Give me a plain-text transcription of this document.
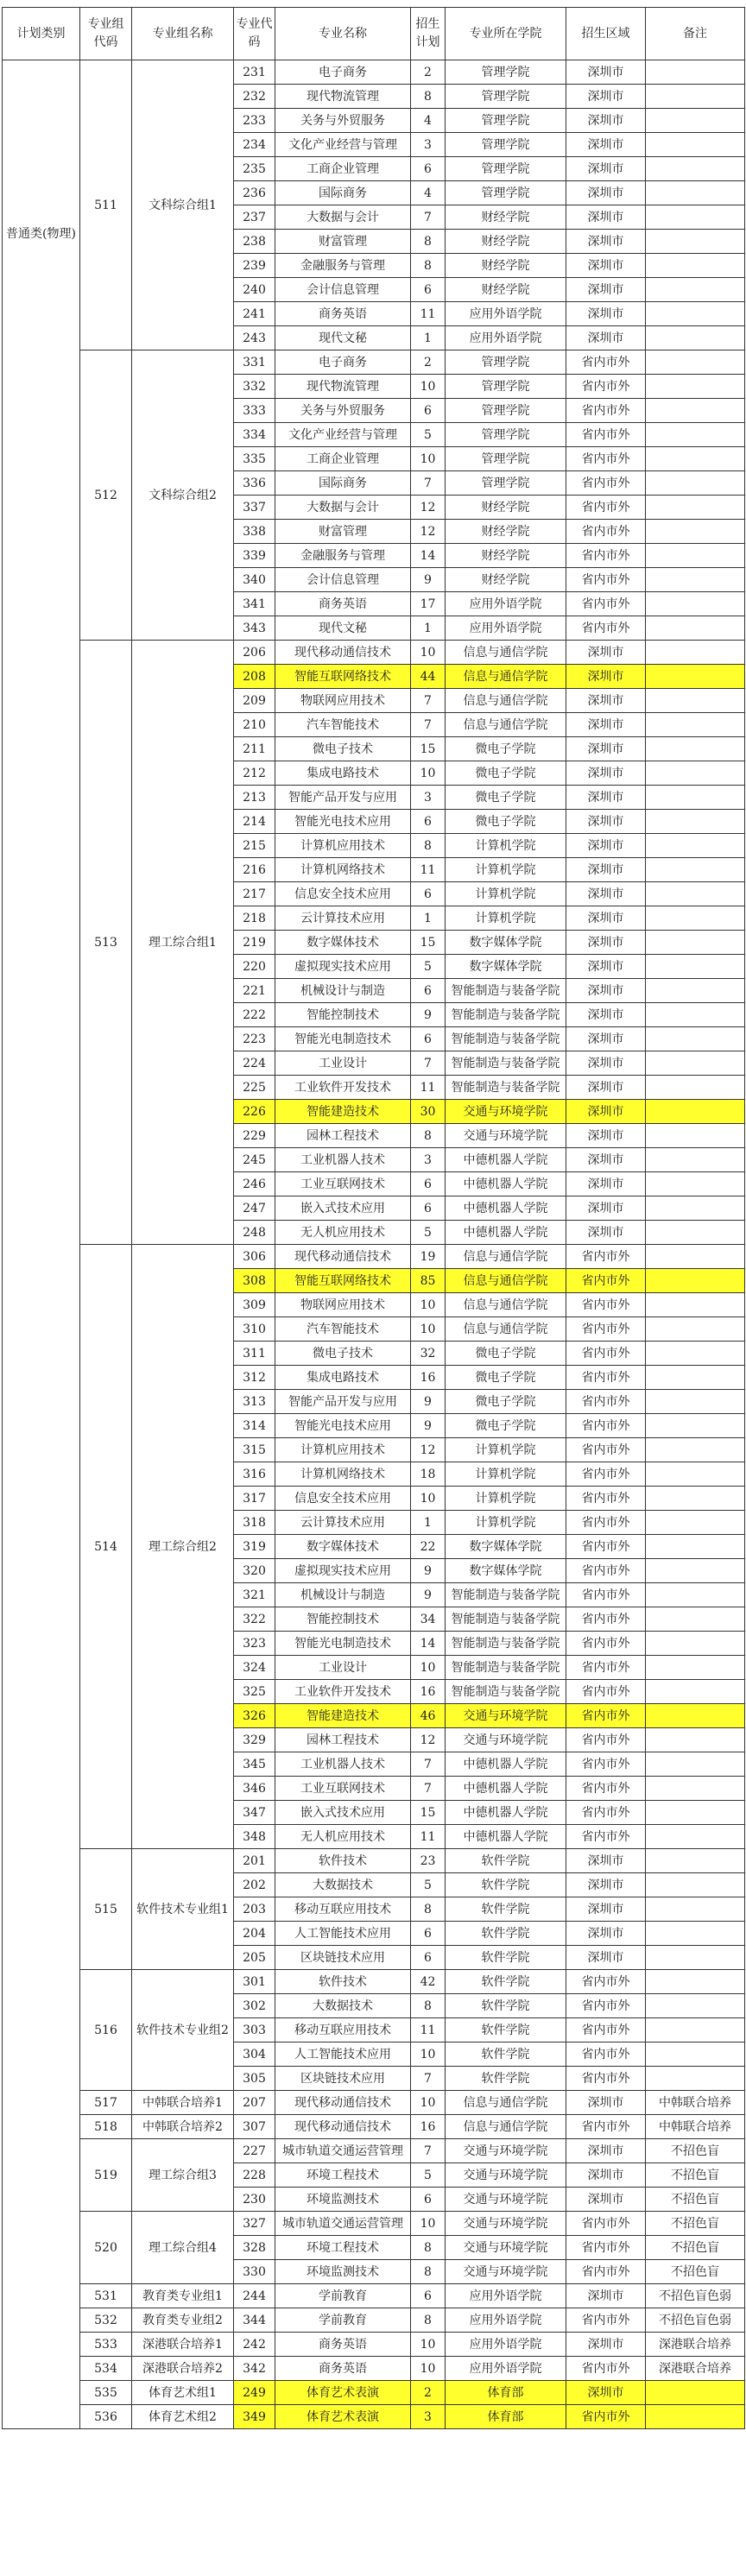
计划类别	专业组代码	专业组名称	专业代码	专业名称	招生计划	专业所在学院	招生区域	备注
普通类(物理)	511	文科综合组1	231	电子商务	2	管理学院	深圳市	
			232	现代物流管理	8	管理学院	深圳市	
			233	关务与外贸服务	4	管理学院	深圳市	
			234	文化产业经营与管理	3	管理学院	深圳市	
			235	工商企业管理	6	管理学院	深圳市	
			236	国际商务	4	管理学院	深圳市	
			237	大数据与会计	7	财经学院	深圳市	
			238	财富管理	8	财经学院	深圳市	
			239	金融服务与管理	8	财经学院	深圳市	
			240	会计信息管理	6	财经学院	深圳市	
			241	商务英语	11	应用外语学院	深圳市	
			243	现代文秘	1	应用外语学院	深圳市	
	512	文科综合组2	331	电子商务	2	管理学院	省内市外	
			332	现代物流管理	10	管理学院	省内市外	
			333	关务与外贸服务	6	管理学院	省内市外	
			334	文化产业经营与管理	5	管理学院	省内市外	
			335	工商企业管理	10	管理学院	省内市外	
			336	国际商务	7	管理学院	省内市外	
			337	大数据与会计	12	财经学院	省内市外	
			338	财富管理	12	财经学院	省内市外	
			339	金融服务与管理	14	财经学院	省内市外	
			340	会计信息管理	9	财经学院	省内市外	
			341	商务英语	17	应用外语学院	省内市外	
			343	现代文秘	1	应用外语学院	省内市外	
	513	理工综合组1	206	现代移动通信技术	10	信息与通信学院	深圳市	
			208	智能互联网络技术	44	信息与通信学院	深圳市	
			209	物联网应用技术	7	信息与通信学院	深圳市	
			210	汽车智能技术	7	信息与通信学院	深圳市	
			211	微电子技术	15	微电子学院	深圳市	
			212	集成电路技术	10	微电子学院	深圳市	
			213	智能产品开发与应用	3	微电子学院	深圳市	
			214	智能光电技术应用	6	微电子学院	深圳市	
			215	计算机应用技术	8	计算机学院	深圳市	
			216	计算机网络技术	11	计算机学院	深圳市	
			217	信息安全技术应用	6	计算机学院	深圳市	
			218	云计算技术应用	1	计算机学院	深圳市	
			219	数字媒体技术	15	数字媒体学院	深圳市	
			220	虚拟现实技术应用	5	数字媒体学院	深圳市	
			221	机械设计与制造	6	智能制造与装备学院	深圳市	
			222	智能控制技术	9	智能制造与装备学院	深圳市	
			223	智能光电制造技术	6	智能制造与装备学院	深圳市	
			224	工业设计	7	智能制造与装备学院	深圳市	
			225	工业软件开发技术	11	智能制造与装备学院	深圳市	
			226	智能建造技术	30	交通与环境学院	深圳市	
			229	园林工程技术	8	交通与环境学院	深圳市	
			245	工业机器人技术	3	中德机器人学院	深圳市	
			246	工业互联网技术	6	中德机器人学院	深圳市	
			247	嵌入式技术应用	6	中德机器人学院	深圳市	
			248	无人机应用技术	5	中德机器人学院	深圳市	
	514	理工综合组2	306	现代移动通信技术	19	信息与通信学院	省内市外	
			308	智能互联网络技术	85	信息与通信学院	省内市外	
			309	物联网应用技术	10	信息与通信学院	省内市外	
			310	汽车智能技术	10	信息与通信学院	省内市外	
			311	微电子技术	32	微电子学院	省内市外	
			312	集成电路技术	16	微电子学院	省内市外	
			313	智能产品开发与应用	9	微电子学院	省内市外	
			314	智能光电技术应用	9	微电子学院	省内市外	
			315	计算机应用技术	12	计算机学院	省内市外	
			316	计算机网络技术	18	计算机学院	省内市外	
			317	信息安全技术应用	10	计算机学院	省内市外	
			318	云计算技术应用	1	计算机学院	省内市外	
			319	数字媒体技术	22	数字媒体学院	省内市外	
			320	虚拟现实技术应用	9	数字媒体学院	省内市外	
			321	机械设计与制造	9	智能制造与装备学院	省内市外	
			322	智能控制技术	34	智能制造与装备学院	省内市外	
			323	智能光电制造技术	14	智能制造与装备学院	省内市外	
			324	工业设计	10	智能制造与装备学院	省内市外	
			325	工业软件开发技术	16	智能制造与装备学院	省内市外	
			326	智能建造技术	46	交通与环境学院	省内市外	
			329	园林工程技术	12	交通与环境学院	省内市外	
			345	工业机器人技术	7	中德机器人学院	省内市外	
			346	工业互联网技术	7	中德机器人学院	省内市外	
			347	嵌入式技术应用	15	中德机器人学院	省内市外	
			348	无人机应用技术	11	中德机器人学院	省内市外	
	515	软件技术专业组1	201	软件技术	23	软件学院	深圳市	
			202	大数据技术	5	软件学院	深圳市	
			203	移动互联应用技术	8	软件学院	深圳市	
			204	人工智能技术应用	6	软件学院	深圳市	
			205	区块链技术应用	6	软件学院	深圳市	
	516	软件技术专业组2	301	软件技术	42	软件学院	省内市外	
			302	大数据技术	8	软件学院	省内市外	
			303	移动互联应用技术	11	软件学院	省内市外	
			304	人工智能技术应用	10	软件学院	省内市外	
			305	区块链技术应用	7	软件学院	省内市外	
	517	中韩联合培养1	207	现代移动通信技术	10	信息与通信学院	深圳市	中韩联合培养
	518	中韩联合培养2	307	现代移动通信技术	16	信息与通信学院	省内市外	中韩联合培养
	519	理工综合组3	227	城市轨道交通运营管理	7	交通与环境学院	深圳市	不招色盲
			228	环境工程技术	5	交通与环境学院	深圳市	不招色盲
			230	环境监测技术	6	交通与环境学院	深圳市	不招色盲
	520	理工综合组4	327	城市轨道交通运营管理	10	交通与环境学院	省内市外	不招色盲
			328	环境工程技术	8	交通与环境学院	省内市外	不招色盲
			330	环境监测技术	8	交通与环境学院	省内市外	不招色盲
	531	教育类专业组1	244	学前教育	6	应用外语学院	深圳市	不招色盲色弱
	532	教育类专业组2	344	学前教育	8	应用外语学院	省内市外	不招色盲色弱
	533	深港联合培养1	242	商务英语	10	应用外语学院	深圳市	深港联合培养
	534	深港联合培养2	342	商务英语	10	应用外语学院	省内市外	深港联合培养
	535	体育艺术组1	249	体育艺术表演	2	体育部	深圳市	
	536	体育艺术组2	349	体育艺术表演	3	体育部	省内市外	
